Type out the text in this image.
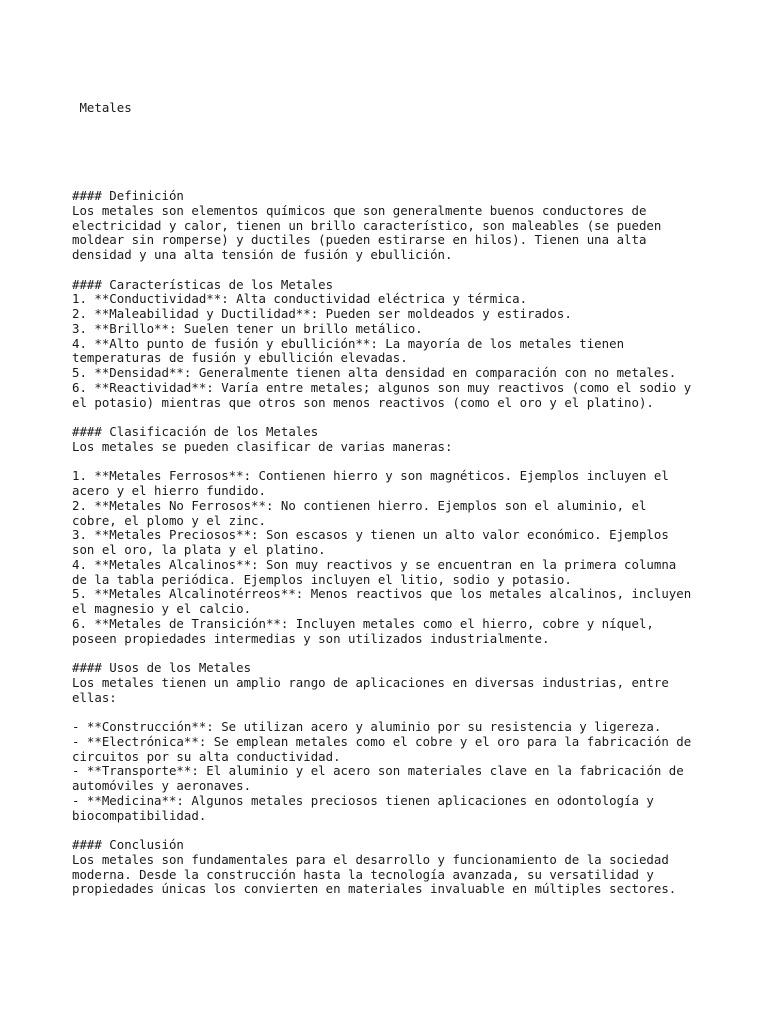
Metales

#### Definición
Los metales son elementos químicos que son generalmente buenos conductores de
electricidad y calor, tienen un brillo característico, son maleables (se pueden
moldear sin romperse) y ductiles (pueden estirarse en hilos). Tienen una alta
densidad y una alta tensión de fusión y ebullición.
#### Características de los Metales
1. **Conductividad**: Alta conductividad eléctrica y térmica.
2. **Maleabilidad y Ductilidad**: Pueden ser moldeados y estirados.
3. **Brillo**: Suelen tener un brillo metálico.
4. **Alto punto de fusión y ebullición**: La mayoría de los metales tienen
temperaturas de fusión y ebullición elevadas.
5. **Densidad**: Generalmente tienen alta densidad en comparación con no metales.
6. **Reactividad**: Varía entre metales; algunos son muy reactivos (como el sodio y
el potasio) mientras que otros son menos reactivos (como el oro y el platino).
#### Clasificación de los Metales
Los metales se pueden clasificar de varias maneras:
1. **Metales Ferrosos**: Contienen hierro y son magnéticos. Ejemplos incluyen el
acero y el hierro fundido.
2. **Metales No Ferrosos**: No contienen hierro. Ejemplos son el aluminio, el
cobre, el plomo y el zinc.
3. **Metales Preciosos**: Son escasos y tienen un alto valor económico. Ejemplos
son el oro, la plata y el platino.
4. **Metales Alcalinos**: Son muy reactivos y se encuentran en la primera columna
de la tabla periódica. Ejemplos incluyen el litio, sodio y potasio.
5. **Metales Alcalinotérreos**: Menos reactivos que los metales alcalinos, incluyen
el magnesio y el calcio.
6. **Metales de Transición**: Incluyen metales como el hierro, cobre y níquel,
poseen propiedades intermedias y son utilizados industrialmente.
#### Usos de los Metales
Los metales tienen un amplio rango de aplicaciones en diversas industrias, entre
ellas:
- **Construcción**: Se utilizan acero y aluminio por su resistencia y ligereza.
- **Electrónica**: Se emplean metales como el cobre y el oro para la fabricación de
circuitos por su alta conductividad.
- **Transporte**: El aluminio y el acero son materiales clave en la fabricación de
automóviles y aeronaves.
- **Medicina**: Algunos metales preciosos tienen aplicaciones en odontología y
biocompatibilidad.
#### Conclusión
Los metales son fundamentales para el desarrollo y funcionamiento de la sociedad
moderna. Desde la construcción hasta la tecnología avanzada, su versatilidad y
propiedades únicas los convierten en materiales invaluable en múltiples sectores.
